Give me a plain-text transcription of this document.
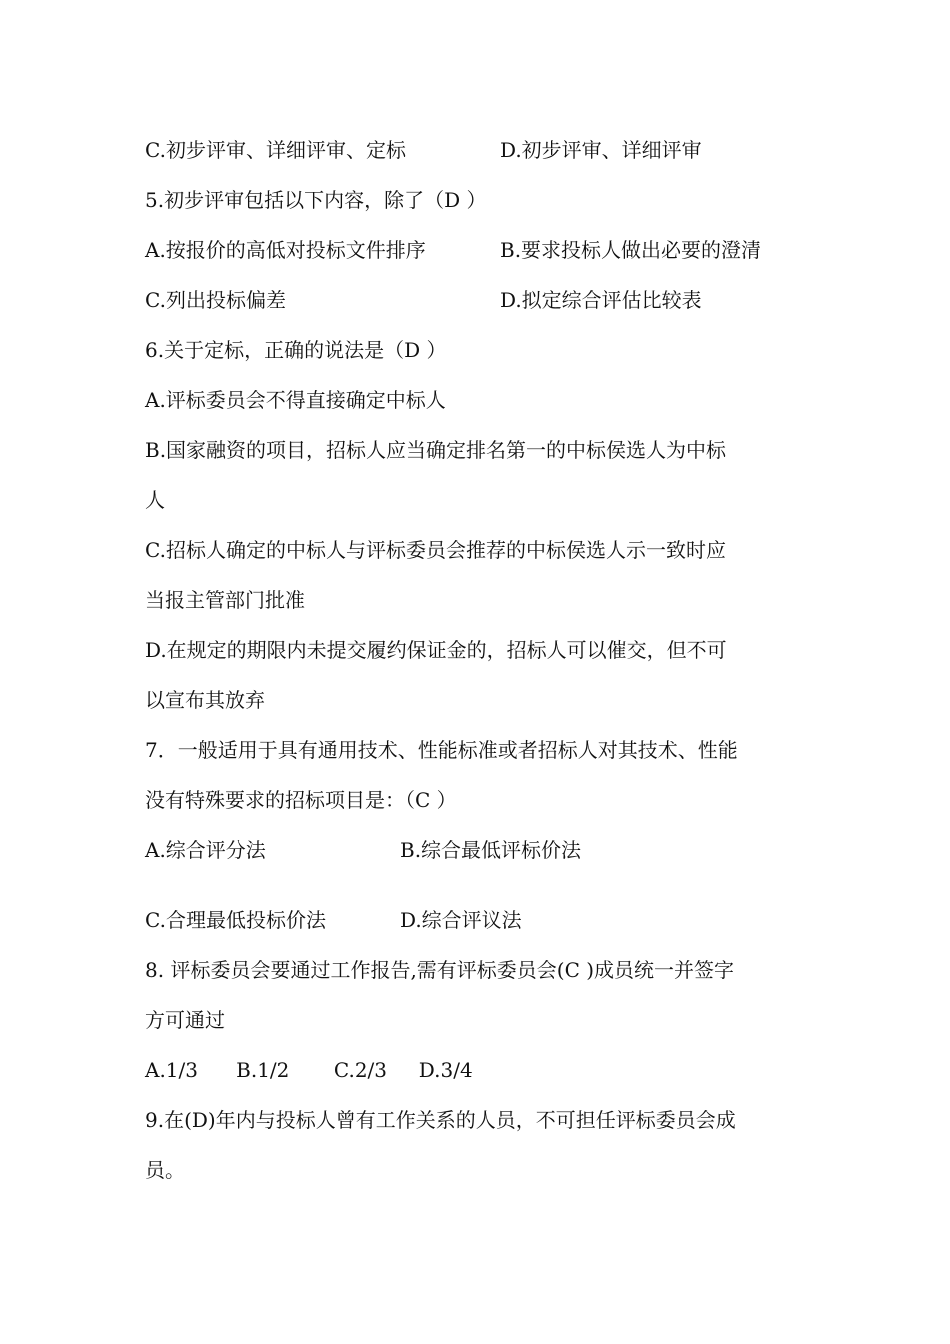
C.初步评审、详细评审、定标	D.初步评审、详细评审
5.初步评审包括以下内容，除了（D ）
A.按报价的高低对投标文件排序	B.要求投标人做出必要的澄清
C.列出投标偏差	D.拟定综合评估比较表
6.关于定标，正确的说法是（D ）
A.评标委员会不得直接确定中标人
B.国家融资的项目，招标人应当确定排名第一的中标侯选人为中标
人
C.招标人确定的中标人与评标委员会推荐的中标侯选人示一致时应
当报主管部门批准
D.在规定的期限内未提交履约保证金的，招标人可以催交，但不可
以宣布其放弃
7．一般适用于具有通用技术、性能标准或者招标人对其技术、性能
没有特殊要求的招标项目是：（C ）
A.综合评分法	B.综合最低评标价法
C.合理最低投标价法	D.综合评议法
8. 评标委员会要通过工作报告,需有评标委员会(C )成员统一并签字
方可通过
A.1/3      B.1/2       C.2/3     D.3/4
9.在(D)年内与投标人曾有工作关系的人员，不可担任评标委员会成
员。
